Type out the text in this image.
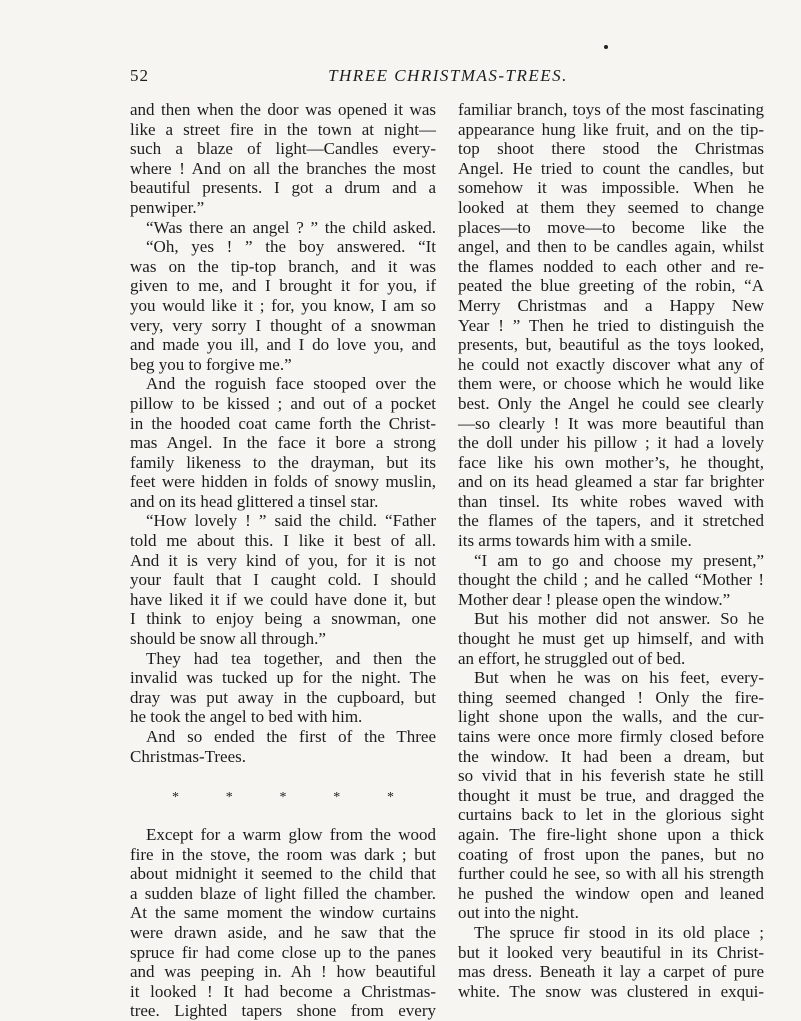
52	THREE CHRISTMAS-TREES.
and then when the door was opened it was
like a street fire in the town at night—
such a blaze of light—Candles every-
where ! And on all the branches the most
beautiful presents. I got a drum and a
penwiper.”
“Was there an angel ? ” the child asked.
“Oh, yes ! ” the boy answered. “It
was on the tip-top branch, and it was
given to me, and I brought it for you, if
you would like it ; for, you know, I am so
very, very sorry I thought of a snowman
and made you ill, and I do love you, and
beg you to forgive me.”
And the roguish face stooped over the
pillow to be kissed ; and out of a pocket
in the hooded coat came forth the Christ-
mas Angel. In the face it bore a strong
family likeness to the drayman, but its
feet were hidden in folds of snowy muslin,
and on its head glittered a tinsel star.
“How lovely ! ” said the child. “Father
told me about this. I like it best of all.
And it is very kind of you, for it is not
your fault that I caught cold. I should
have liked it if we could have done it, but
I think to enjoy being a snowman, one
should be snow all through.”
They had tea together, and then the
invalid was tucked up for the night. The
dray was put away in the cupboard, but
he took the angel to bed with him.
And so ended the first of the Three
Christmas-Trees.
*	*	*	*	*
Except for a warm glow from the wood
fire in the stove, the room was dark ; but
about midnight it seemed to the child that
a sudden blaze of light filled the chamber.
At the same moment the window curtains
were drawn aside, and he saw that the
spruce fir had come close up to the panes
and was peeping in. Ah ! how beautiful
it looked ! It had become a Christmas-
tree. Lighted tapers shone from every
familiar branch, toys of the most fascinating
appearance hung like fruit, and on the tip-
top shoot there stood the Christmas
Angel. He tried to count the candles, but
somehow it was impossible. When he
looked at them they seemed to change
places—to move—to become like the
angel, and then to be candles again, whilst
the flames nodded to each other and re-
peated the blue greeting of the robin, “A
Merry Christmas and a Happy New
Year ! ” Then he tried to distinguish the
presents, but, beautiful as the toys looked,
he could not exactly discover what any of
them were, or choose which he would like
best. Only the Angel he could see clearly
—so clearly ! It was more beautiful than
the doll under his pillow ; it had a lovely
face like his own mother’s, he thought,
and on its head gleamed a star far brighter
than tinsel. Its white robes waved with
the flames of the tapers, and it stretched
its arms towards him with a smile.
“I am to go and choose my present,”
thought the child ; and he called “Mother !
Mother dear ! please open the window.”
But his mother did not answer. So he
thought he must get up himself, and with
an effort, he struggled out of bed.
But when he was on his feet, every-
thing seemed changed ! Only the fire-
light shone upon the walls, and the cur-
tains were once more firmly closed before
the window. It had been a dream, but
so vivid that in his feverish state he still
thought it must be true, and dragged the
curtains back to let in the glorious sight
again. The fire-light shone upon a thick
coating of frost upon the panes, but no
further could he see, so with all his strength
he pushed the window open and leaned
out into the night.
The spruce fir stood in its old place ;
but it looked very beautiful in its Christ-
mas dress. Beneath it lay a carpet of pure
white. The snow was clustered in exqui-
